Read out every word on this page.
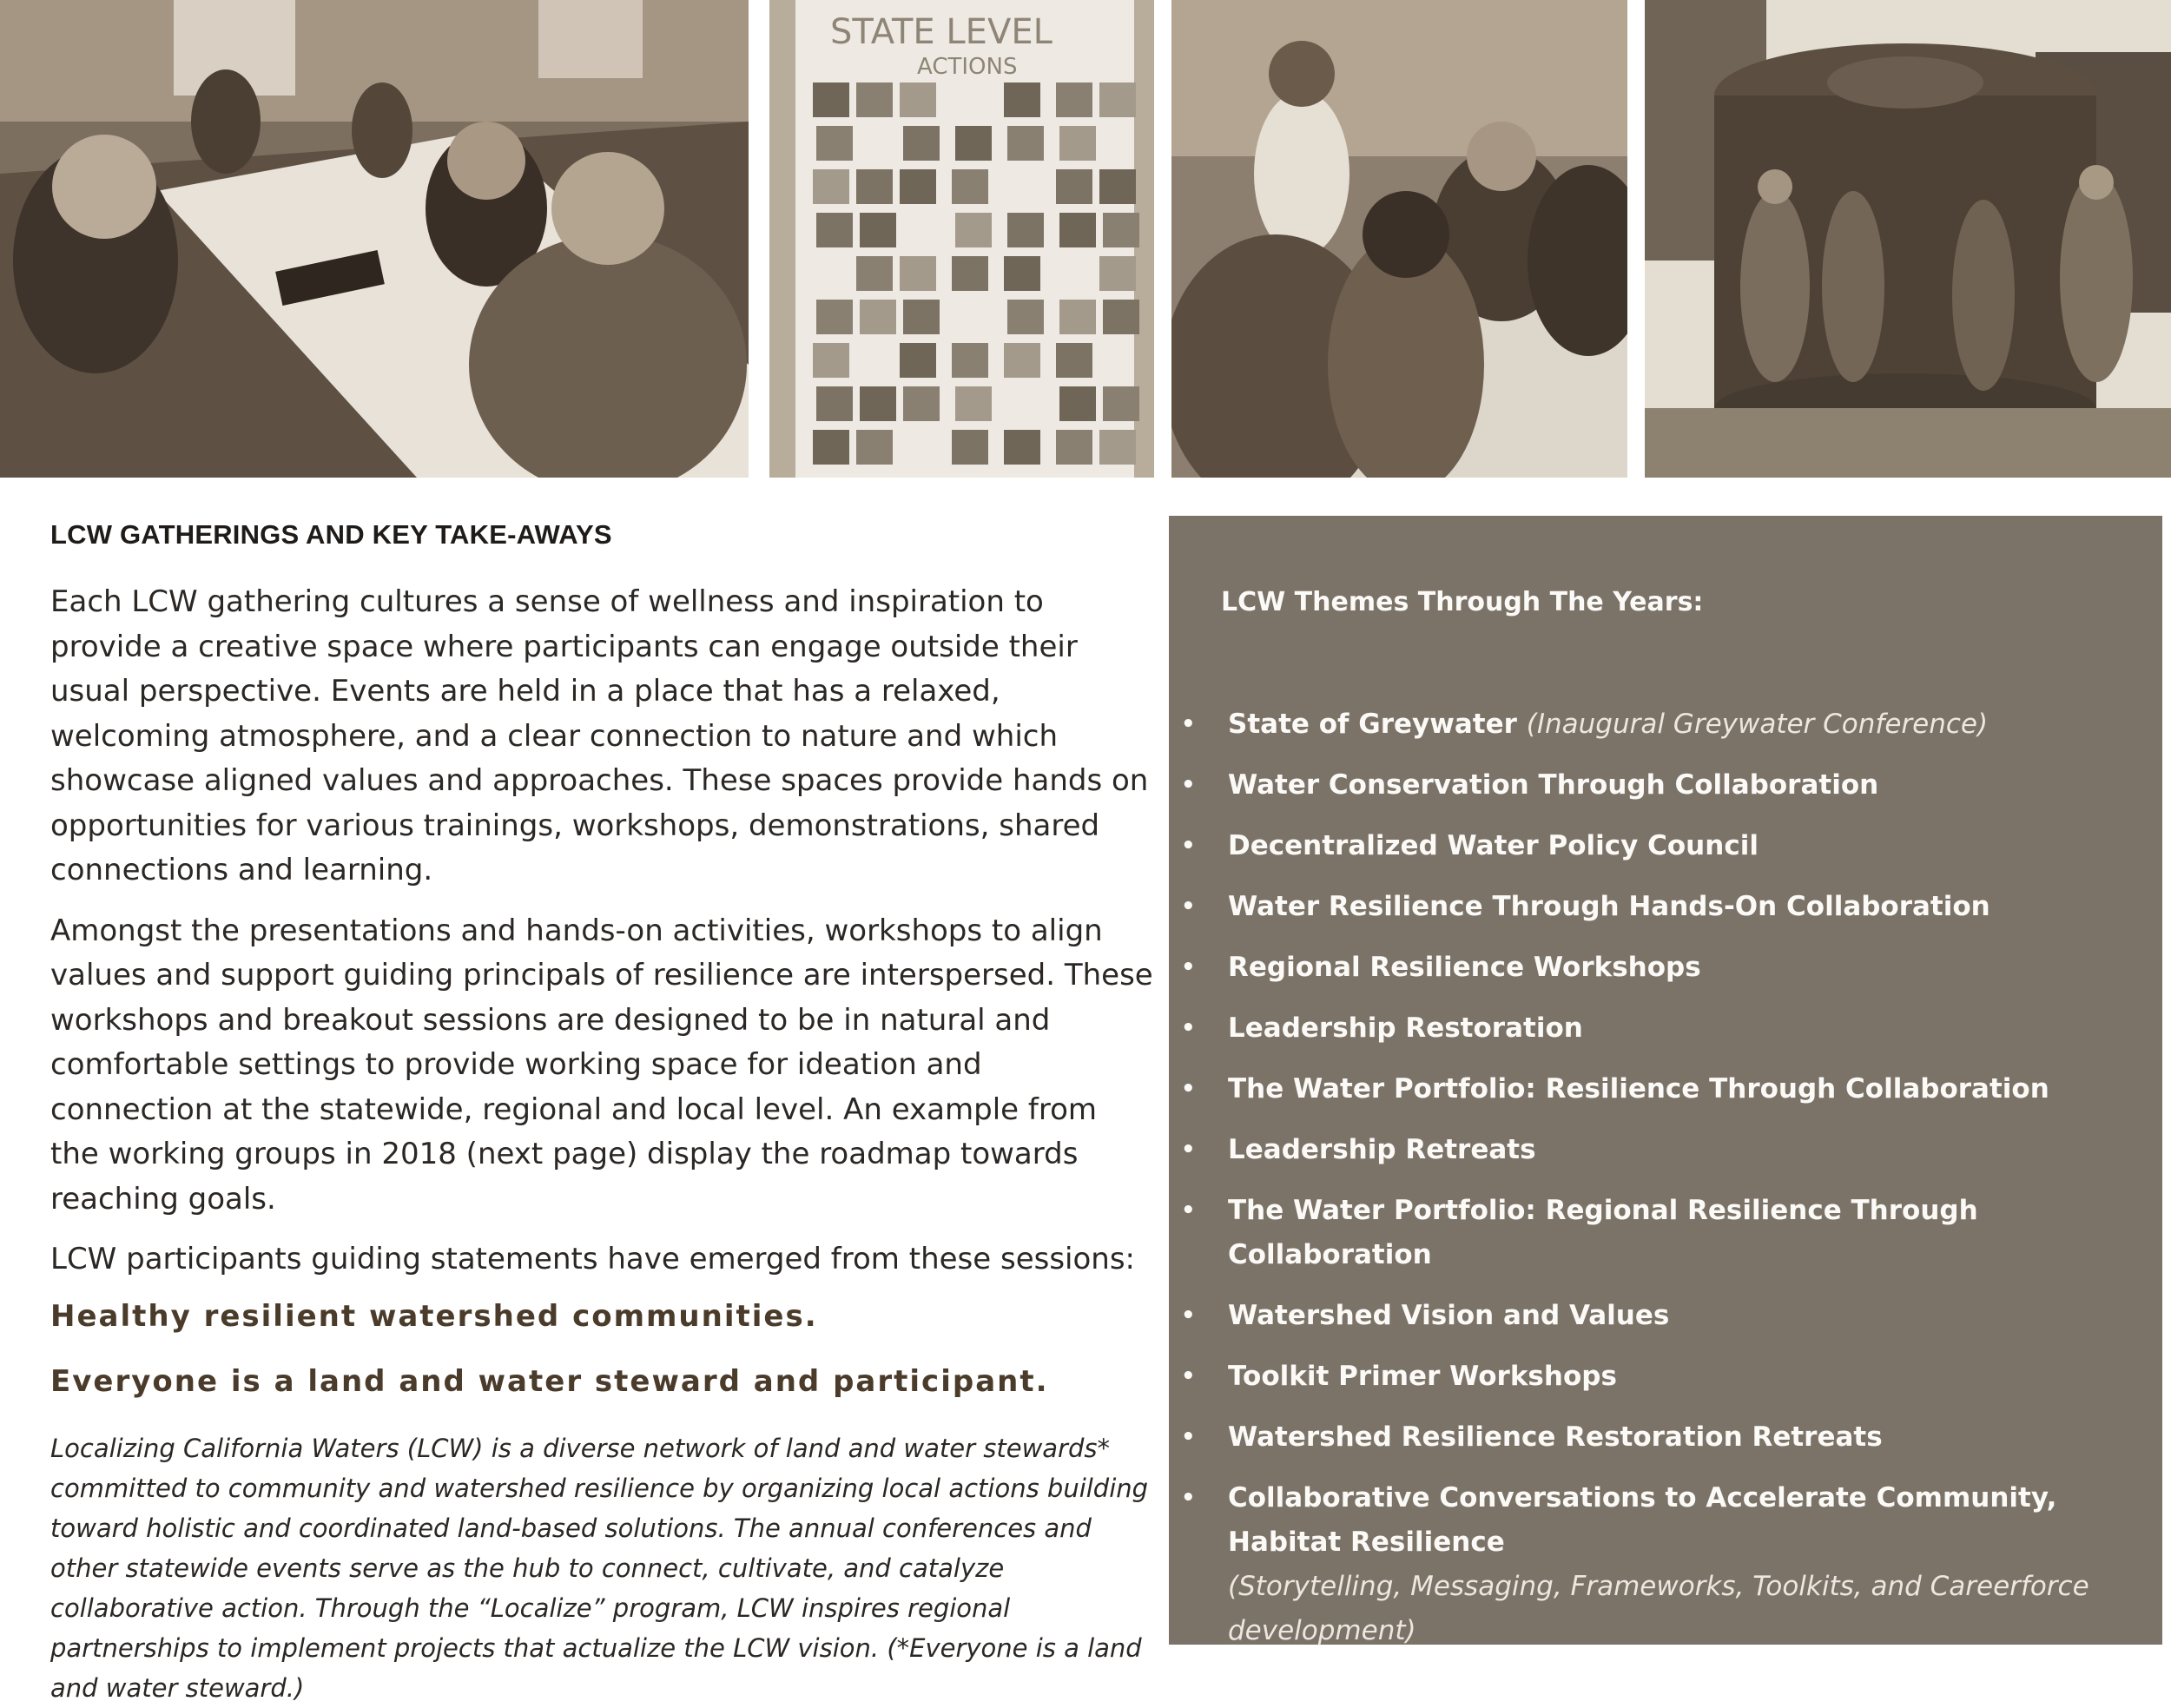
STATE LEVEL
ACTIONS
LCW GATHERINGS AND KEY TAKE-AWAYS

Each LCW gathering cultures a sense of wellness and inspiration to provide a creative space where participants can engage outside their usual perspective. Events are held in a place that has a relaxed, welcoming atmosphere, and a clear connection to nature and which showcase aligned values and approaches. These spaces provide hands on opportunities for various trainings, workshops, demonstrations, shared connections and learning.

Amongst the presentations and hands-on activities, workshops to align values and support guiding principals of resilience are interspersed. These workshops and breakout sessions are designed to be in natural and comfortable settings to provide working space for ideation and connection at the statewide, regional and local level. An example from the working groups in 2018 (next page) display the roadmap towards reaching goals.

LCW participants guiding statements have emerged from these sessions:

Healthy resilient watershed communities.

Everyone is a land and water steward and participant.

Localizing California Waters (LCW) is a diverse network of land and water stewards* committed to community and watershed resilience by organizing local actions building toward holistic and coordinated land-based solutions. The annual conferences and other statewide events serve as the hub to connect, cultivate, and catalyze collaborative action. Through the “Localize” program, LCW inspires regional partnerships to implement projects that actualize the LCW vision. (*Everyone is a land and water steward.)

LCW Themes Through The Years:
• State of Greywater (Inaugural Greywater Conference)
• Water Conservation Through Collaboration
• Decentralized Water Policy Council
• Water Resilience Through Hands-On Collaboration
• Regional Resilience Workshops
• Leadership Restoration
• The Water Portfolio: Resilience Through Collaboration
• Leadership Retreats
• The Water Portfolio: Regional Resilience Through Collaboration
• Watershed Vision and Values
• Toolkit Primer Workshops
• Watershed Resilience Restoration Retreats
• Collaborative Conversations to Accelerate Community, Habitat Resilience
(Storytelling, Messaging, Frameworks, Toolkits, and Careerforce development)
